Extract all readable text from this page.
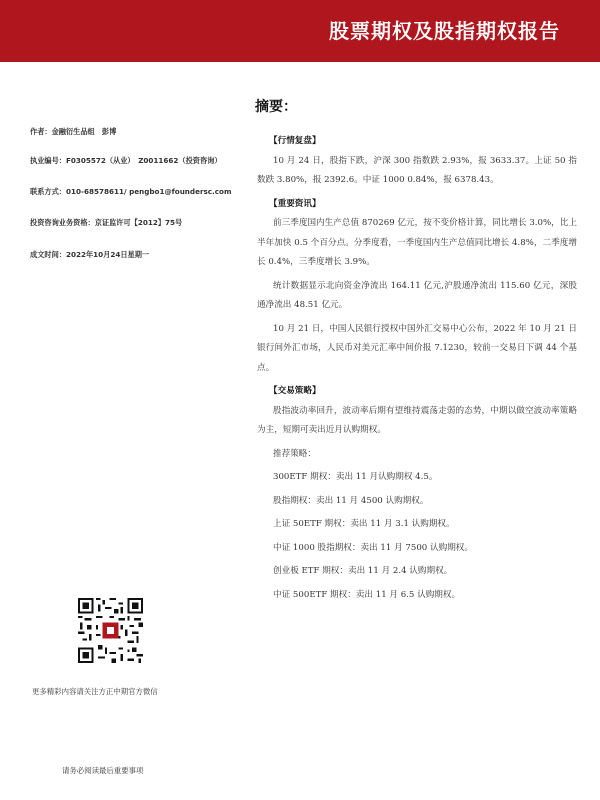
股票期权及股指期权报告
摘要：
作者：金融衍生品组　彭博
执业编号：F0305572（从业）　Z0011662（投资咨询）
联系方式：010-68578611/ pengbo1@foundersc.com
投资咨询业务资格：京证监许可【2012】75号
成文时间：2022年10月24日星期一
【行情复盘】

10 月 24 日，股指下跌，沪深 300 指数跌 2.93%，报 3633.37。上证 50 指数跌 3.80%，报 2392.6。中证 1000 0.84%，报 6378.43。

【重要资讯】

前三季度国内生产总值 870269 亿元，按不变价格计算，同比增长 3.0%，比上半年加快 0.5 个百分点。分季度看，一季度国内生产总值同比增长 4.8%，二季度增长 0.4%，三季度增长 3.9%。

统计数据显示北向资金净流出 164.11 亿元,沪股通净流出 115.60 亿元，深股通净流出 48.51 亿元。

10 月 21 日，中国人民银行授权中国外汇交易中心公布，2022 年 10 月 21 日银行间外汇市场，人民币对美元汇率中间价报 7.1230，较前一交易日下调 44 个基点。

【交易策略】

股指波动率回升，波动率后期有望维持震荡走弱的态势，中期以做空波动率策略为主，短期可卖出近月认购期权。

推荐策略：
300ETF 期权：卖出 11 月认购期权 4.5。
股指期权：卖出 11 月 4500 认购期权。
上证 50ETF 期权：卖出 11 月 3.1 认购期权。
中证 1000 股指期权：卖出 11 月 7500 认购期权。
创业板 ETF 期权：卖出 11 月 2.4 认购期权。
中证 500ETF 期权：卖出 11 月 6.5 认购期权。
更多精彩内容请关注方正中期官方微信
请务必阅读最后重要事项
